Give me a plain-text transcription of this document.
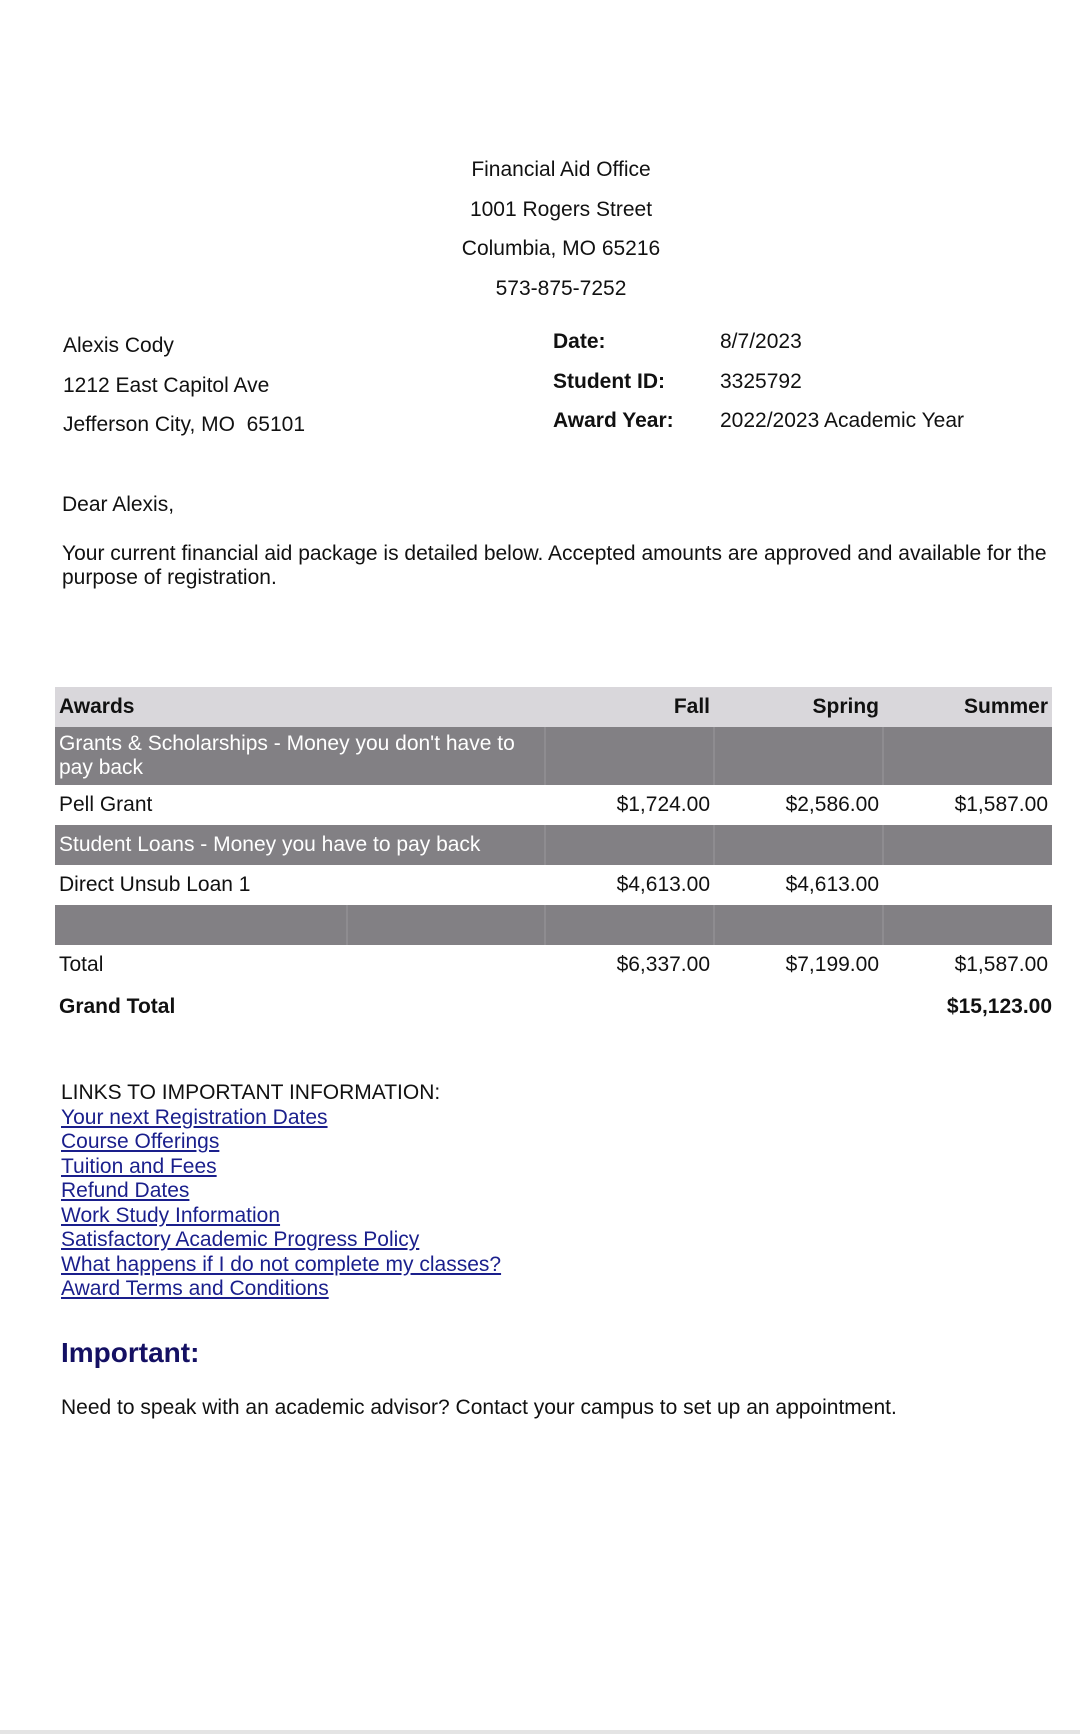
Financial Aid Office
1001 Rogers Street
Columbia, MO 65216
573-875-7252
Alexis Cody
1212 East Capitol Ave
Jefferson City, MO  65101
Date:	8/7/2023
Student ID:	3325792
Award Year: 2022/2023 Academic Year
Dear Alexis,
Your current financial aid package is detailed below. Accepted amounts are approved and available for the purpose of registration.
Awards		Fall	Spring	Summer
Grants & Scholarships - Money you don't have to pay back				
Pell Grant		$1,724.00	$2,586.00	$1,587.00
Student Loans - Money you have to pay back				
Direct Unsub Loan 1		$4,613.00	$4,613.00	

Total		$6,337.00	$7,199.00	$1,587.00
Grand Total				$15,123.00
LINKS TO IMPORTANT INFORMATION:
Your next Registration Dates
Course Offerings
Tuition and Fees
Refund Dates
Work Study Information
Satisfactory Academic Progress Policy
What happens if I do not complete my classes?
Award Terms and Conditions
Important:
Need to speak with an academic advisor? Contact your campus to set up an appointment.
